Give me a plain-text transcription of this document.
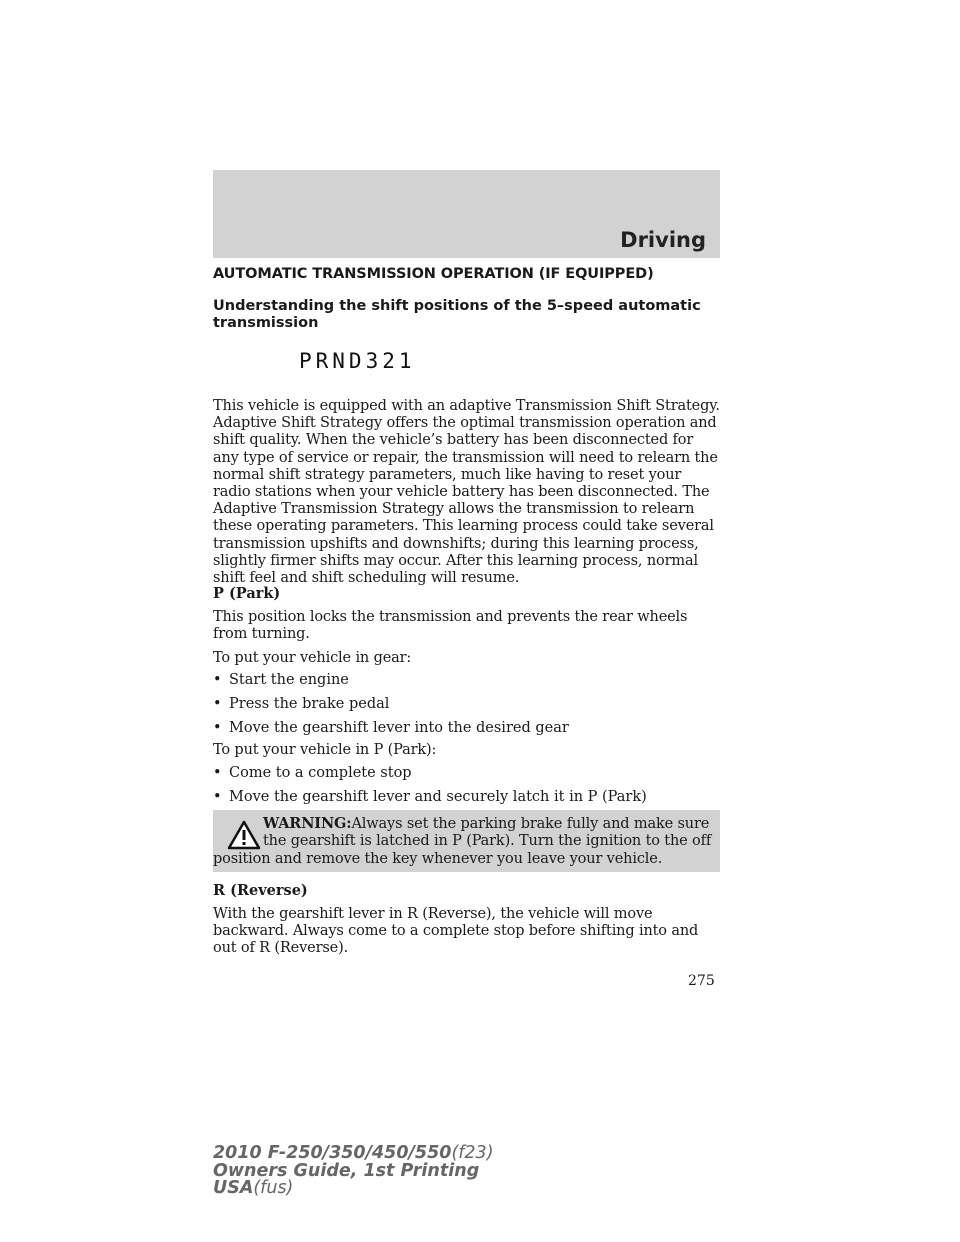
Driving
AUTOMATIC TRANSMISSION OPERATION (IF EQUIPPED)
Understanding the shift positions of the 5–speed automatic transmission
PRND321
This vehicle is equipped with an adaptive Transmission Shift Strategy. Adaptive Shift Strategy offers the optimal transmission operation and shift quality. When the vehicle’s battery has been disconnected for any type of service or repair, the transmission will need to relearn the normal shift strategy parameters, much like having to reset your radio stations when your vehicle battery has been disconnected. The Adaptive Transmission Strategy allows the transmission to relearn these operating parameters. This learning process could take several transmission upshifts and downshifts; during this learning process, slightly firmer shifts may occur. After this learning process, normal shift feel and shift scheduling will resume.
P (Park)
This position locks the transmission and prevents the rear wheels from turning.
To put your vehicle in gear:
• Start the engine
• Press the brake pedal
• Move the gearshift lever into the desired gear
To put your vehicle in P (Park):
• Come to a complete stop
• Move the gearshift lever and securely latch it in P (Park)
WARNING:Always set the parking brake fully and make sure the gearshift is latched in P (Park). Turn the ignition to the off position and remove the key whenever you leave your vehicle.
R (Reverse)
With the gearshift lever in R (Reverse), the vehicle will move backward. Always come to a complete stop before shifting into and out of R (Reverse).
275
2010 F-250/350/450/550(f23)
Owners Guide, 1st Printing
USA(fus)
